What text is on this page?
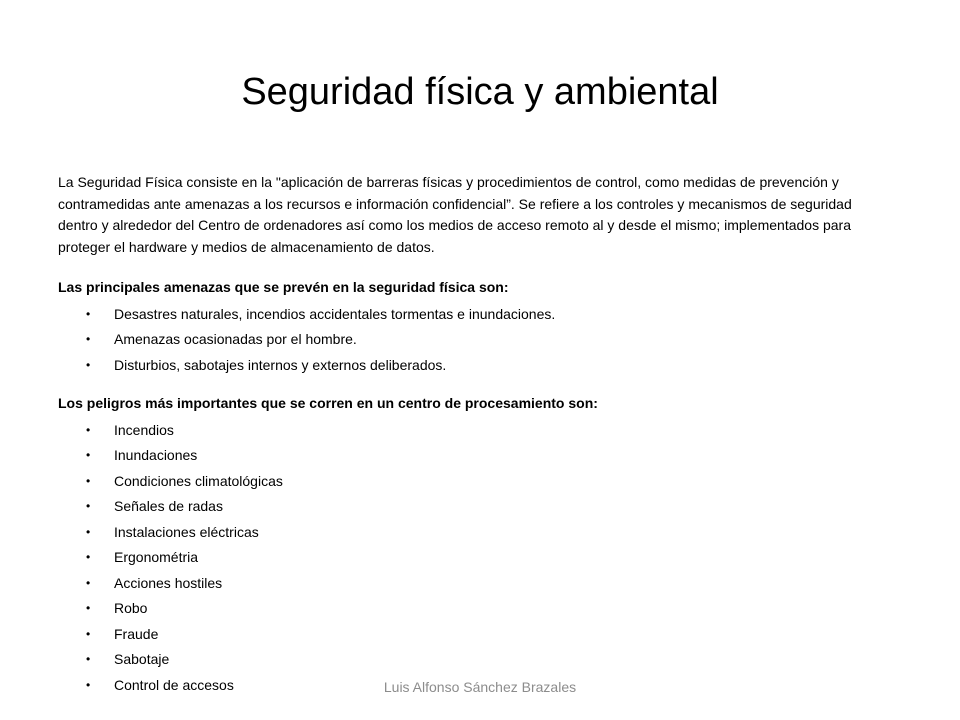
Seguridad física y ambiental

La Seguridad Física consiste en la "aplicación de barreras físicas y procedimientos de control, como medidas de prevención y contramedidas ante amenazas a los recursos e información confidencial”. Se refiere a los controles y mecanismos de seguridad dentro y alrededor del Centro de ordenadores así como los medios de acceso remoto al y desde el mismo; implementados para proteger el hardware y medios de almacenamiento de datos.

Las principales amenazas que se prevén en la seguridad física son:

• Desastres naturales, incendios accidentales tormentas e inundaciones.
• Amenazas ocasionadas por el hombre.
• Disturbios, sabotajes internos y externos deliberados.

Los peligros más importantes que se corren en un centro de procesamiento son:

• Incendios
• Inundaciones
• Condiciones climatológicas
• Señales de radas
• Instalaciones eléctricas
• Ergonométria
• Acciones hostiles
• Robo
• Fraude
• Sabotaje
• Control de accesos	Luis Alfonso Sánchez Brazales
